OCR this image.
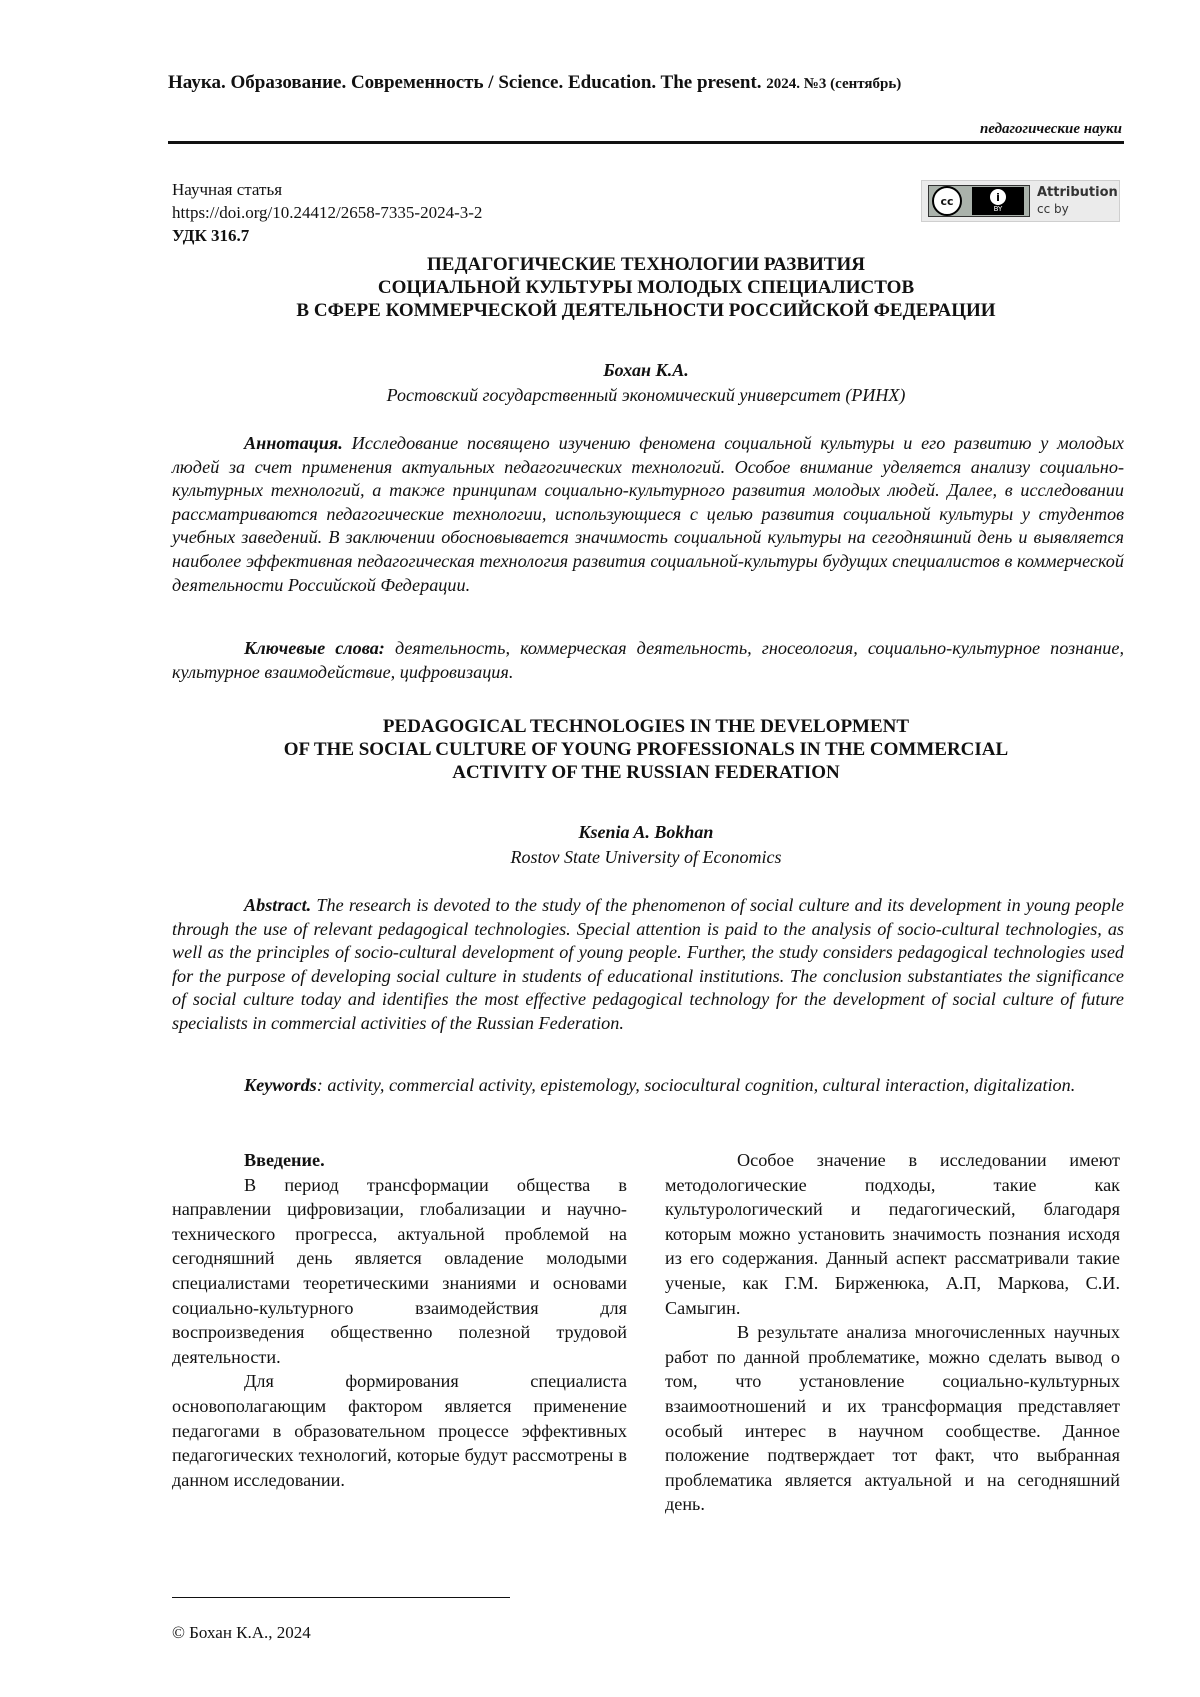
Наука. Образование. Современность / Science. Education. The present. 2024. №3 (сентябрь)
педагогические науки
Научная статья
https://doi.org/10.24412/2658-7335-2024-3-2
УДК 316.7
cc	i
BY
Attribution
cc by
ПЕДАГОГИЧЕСКИЕ ТЕХНОЛОГИИ РАЗВИТИЯ
СОЦИАЛЬНОЙ КУЛЬТУРЫ МОЛОДЫХ СПЕЦИАЛИСТОВ
В СФЕРЕ КОММЕРЧЕСКОЙ ДЕЯТЕЛЬНОСТИ РОССИЙСКОЙ ФЕДЕРАЦИИ
Бохан К.А.
Ростовский государственный экономический университет (РИНХ)
Аннотация. Исследование посвящено изучению феномена социальной культуры и его развитию у молодых людей за счет применения актуальных педагогических технологий. Особое внимание уделяется анализу социально-культурных технологий, а также принципам социально-культурного развития молодых людей. Далее, в исследовании рассматриваются педагогические технологии, использующиеся с целью развития социальной культуры у студентов учебных заведений. В заключении обосновывается значимость социальной культуры на сегодняшний день и выявляется наиболее эффективная педагогическая технология развития социальной-культуры будущих специалистов в коммерческой деятельности Российской Федерации.
Ключевые слова: деятельность, коммерческая деятельность, гносеология, социально-культурное познание, культурное взаимодействие, цифровизация.
PEDAGOGICAL TECHNOLOGIES IN THE DEVELOPMENT
OF THE SOCIAL CULTURE OF YOUNG PROFESSIONALS IN THE COMMERCIAL
ACTIVITY OF THE RUSSIAN FEDERATION
Ksenia A. Bokhan
Rostov State University of Economics
Abstract. The research is devoted to the study of the phenomenon of social culture and its development in young people through the use of relevant pedagogical technologies. Special attention is paid to the analysis of socio-cultural technologies, as well as the principles of socio-cultural development of young people. Further, the study considers pedagogical technologies used for the purpose of developing social culture in students of educational institutions. The conclusion substantiates the significance of social culture today and identifies the most effective pedagogical technology for the development of social culture of future specialists in commercial activities of the Russian Federation.
Keywords: activity, commercial activity, epistemology, sociocultural cognition, cultural interaction, digitalization.

Введение.

В период трансформации общества в направлении цифровизации, глобализации и научно-технического прогресса, актуальной проблемой на сегодняшний день является овладение молодыми специалистами теоретическими знаниями и основами социально-культурного взаимодействия для воспроизведения общественно полезной трудовой деятельности.

Для формирования специалиста основополагающим фактором является применение педагогами в образовательном процессе эффективных педагогических технологий, которые будут рассмотрены в данном исследовании.

Особое значение в исследовании имеют методологические подходы, такие как культурологический и педагогический, благодаря которым можно установить значимость познания исходя из его содержания. Данный аспект рассматривали такие ученые, как Г.М. Бирженюка, А.П, Маркова, С.И. Самыгин.

В результате анализа многочисленных научных работ по данной проблематике, можно сделать вывод о том, что установление социально-культурных взаимоотношений и их трансформация представляет особый интерес в научном сообществе. Данное положение подтверждает тот факт, что выбранная проблематика является актуальной и на сегодняшний день.

© Бохан К.А., 2024
